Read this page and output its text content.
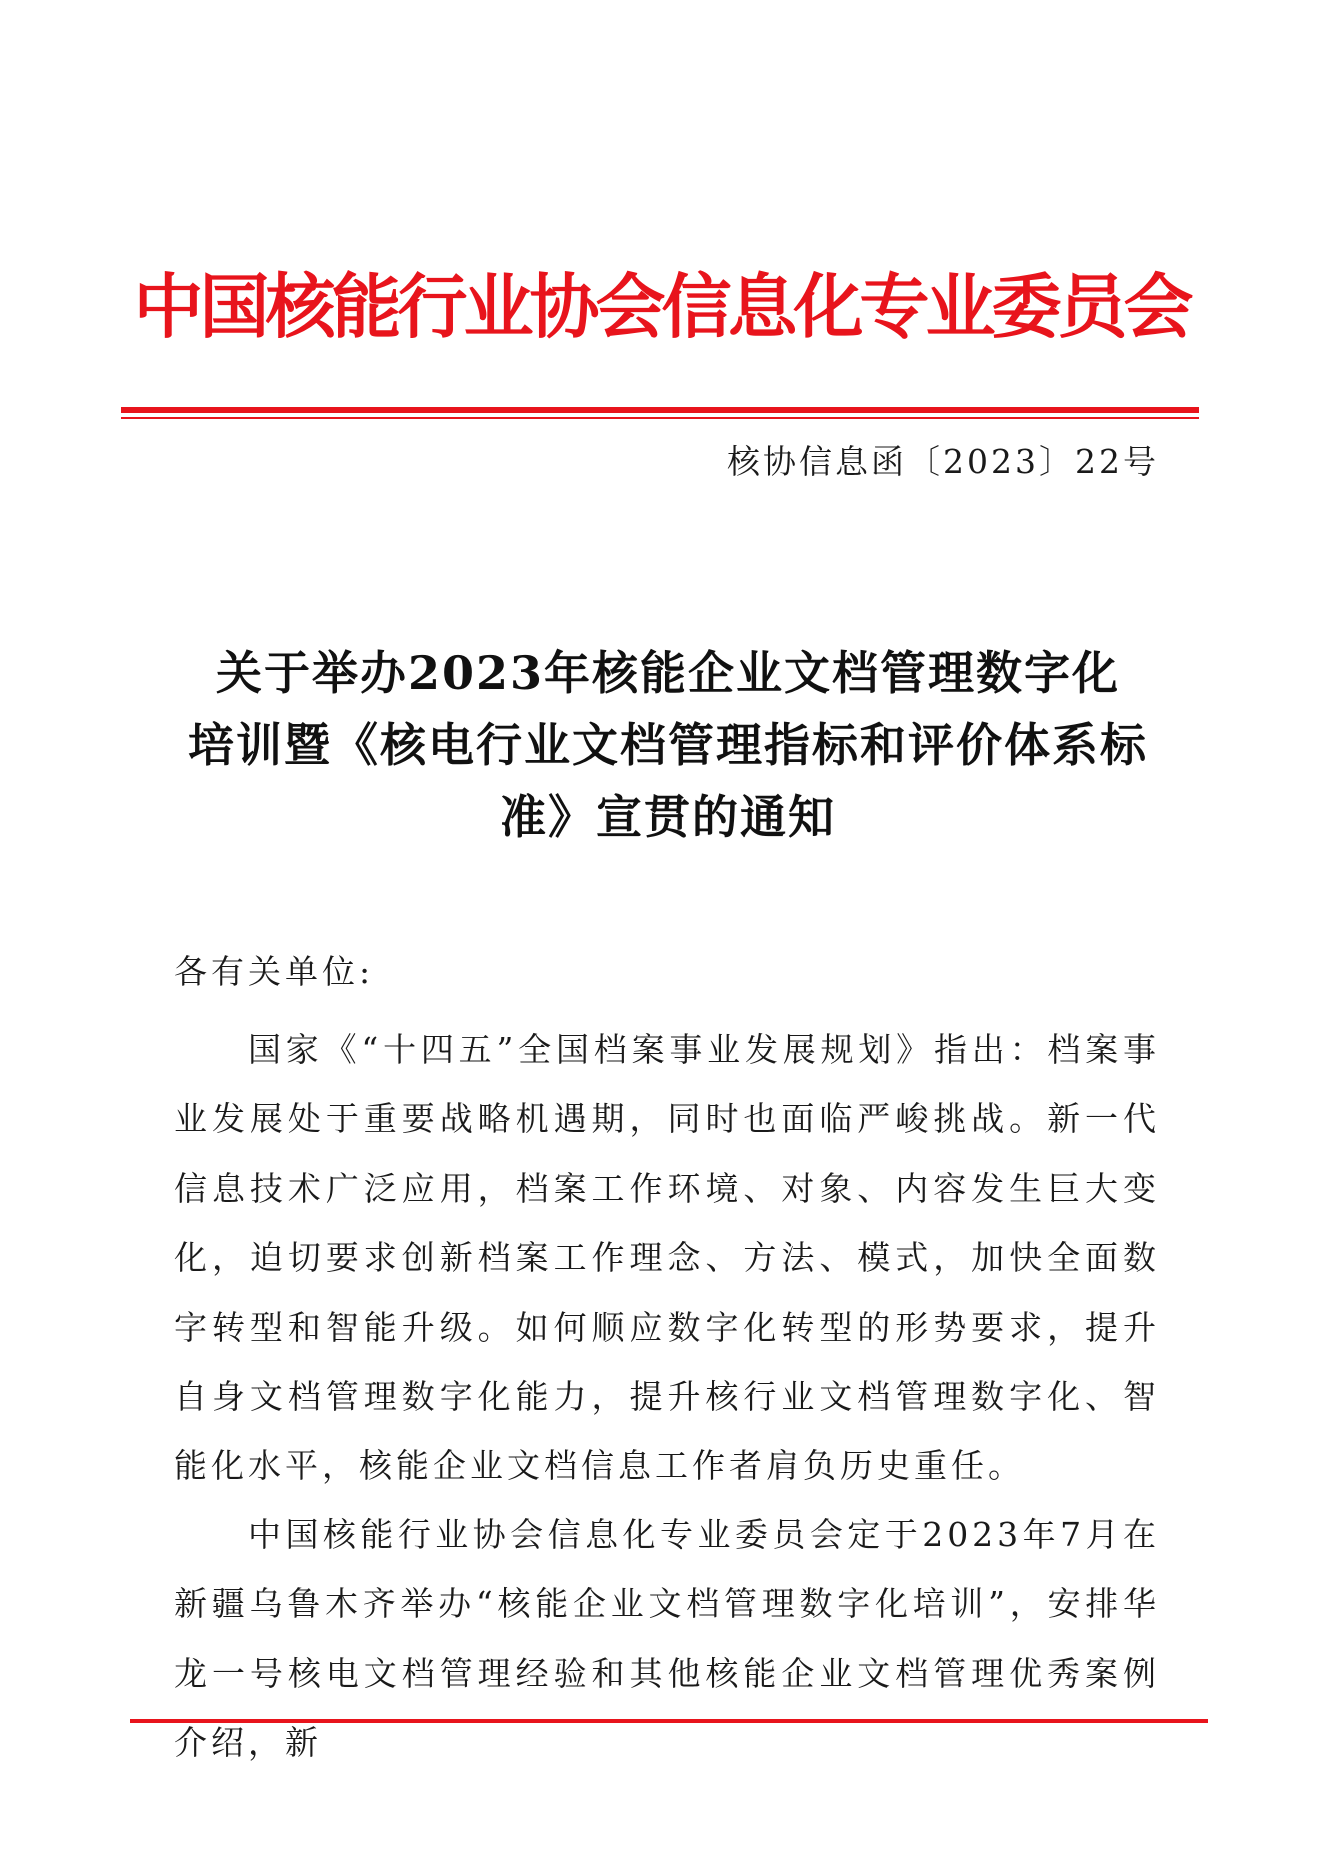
中国核能行业协会信息化专业委员会
核协信息函〔2023〕22号
关于举办2023年核能企业文档管理数字化
培训暨《核电行业文档管理指标和评价体系标
准》宣贯的通知
各有关单位:
国家《“十四五”全国档案事业发展规划》指出：档案事业发展处于重要战略机遇期，同时也面临严峻挑战。新一代信息技术广泛应用，档案工作环境、对象、内容发生巨大变化，迫切要求创新档案工作理念、方法、模式，加快全面数字转型和智能升级。如何顺应数字化转型的形势要求，提升自身文档管理数字化能力，提升核行业文档管理数字化、智能化水平，核能企业文档信息工作者肩负历史重任。
中国核能行业协会信息化专业委员会定于2023年7月在新疆乌鲁木齐举办“核能企业文档管理数字化培训”，安排华龙一号核电文档管理经验和其他核能企业文档管理优秀案例介绍，新
